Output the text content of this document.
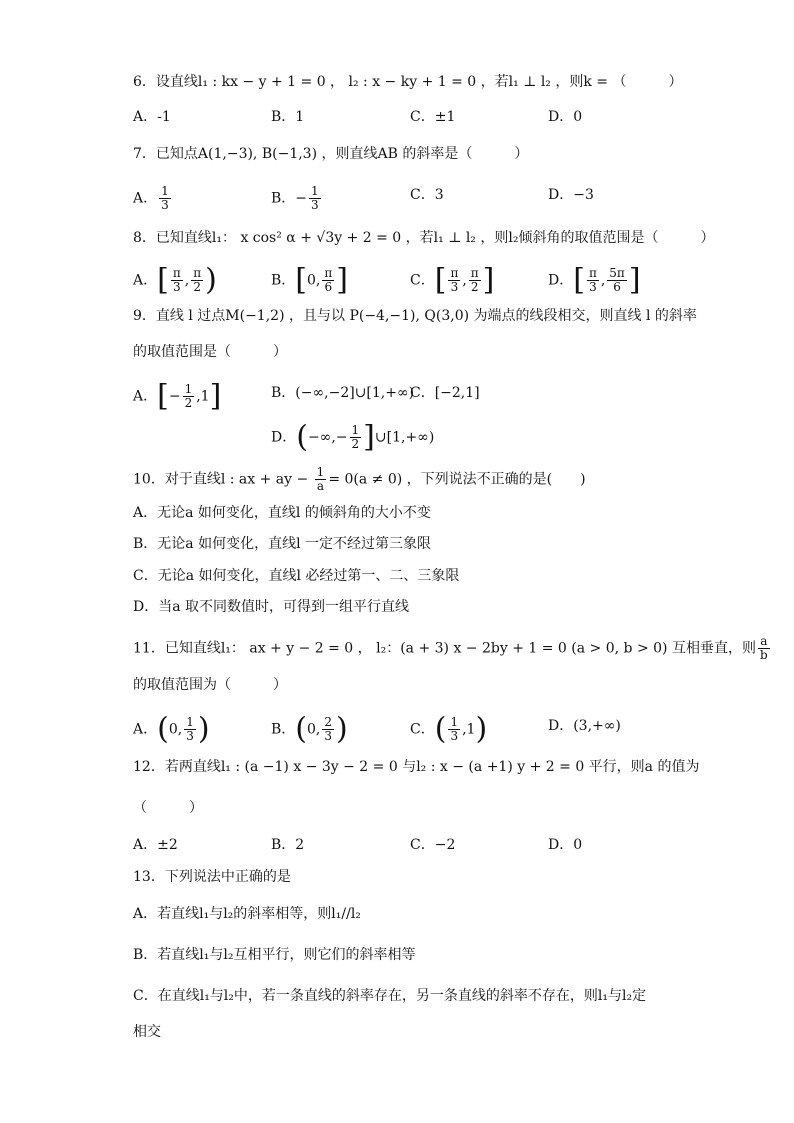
6．设直线l₁ : kx − y + 1 = 0 ， l₂ : x − ky + 1 = 0 ，若l₁ ⊥ l₂ ，则k = （　　　）
A．-1	B．1	C．±1	D．0
7．已知点A(1,−3), B(−1,3) ，则直线AB 的斜率是（　　　）
A． $\frac{1}{3}$	B．− $\frac{1}{3}$	C．3	D．−3
8．已知直线l₁： x cos² α + √3y + 2 = 0 ，若l₁ ⊥ l₂ ，则l₂倾斜角的取值范围是（　　　）
A．[ $\frac{\pi}{3}$ , $\frac{\pi}{2}$ )	B．[0, $\frac{\pi}{6}$ ]	C．[ $\frac{\pi}{3}$ , $\frac{\pi}{2}$ ]	D．[ $\frac{\pi}{3}$ , $\frac{5\pi}{6}$ ]
9．直线 l 过点M(−1,2) ，且与以 P(−4,−1), Q(3,0) 为端点的线段相交，则直线 l 的斜率
的取值范围是（　　　）
A．[− $\frac{1}{2} ,1$]	B．(−∞,−2]∪[1,+∞)
C．[−2,1]
D．(−∞,− $\frac{1}{2}$ ]∪[1,+∞)
10．对于直线l : ax + ay − $\frac{1}{a} = 0(a \ne 0)$ ，下列说法不正确的是(　　)
A．无论a 如何变化，直线l 的倾斜角的大小不变
B．无论a 如何变化，直线l 一定不经过第三象限
C．无论a 如何变化，直线l 必经过第一、二、三象限
D．当a 取不同数值时，可得到一组平行直线
11．已知直线l₁： ax + y − 2 = 0 ， l₂：(a + 3) x − 2by + 1 = 0 (a > 0, b > 0) 互相垂直，则 $\frac{a}{b}$
的取值范围为（　　　）
A．(0, $\frac{1}{3}$ )	B．(0, $\frac{2}{3}$ )	C．( $\frac{1}{3} ,1$)	D．(3,+∞)
12．若两直线l₁ : (a −1) x − 3y − 2 = 0 与l₂ : x − (a +1) y + 2 = 0 平行，则a 的值为
（　　　）
A．±2	B．2	C．−2	D．0
13．下列说法中正确的是
A．若直线l₁与l₂的斜率相等，则l₁//l₂
B．若直线l₁与l₂互相平行，则它们的斜率相等
C．在直线l₁与l₂中，若一条直线的斜率存在，另一条直线的斜率不存在，则l₁与l₂定
相交
